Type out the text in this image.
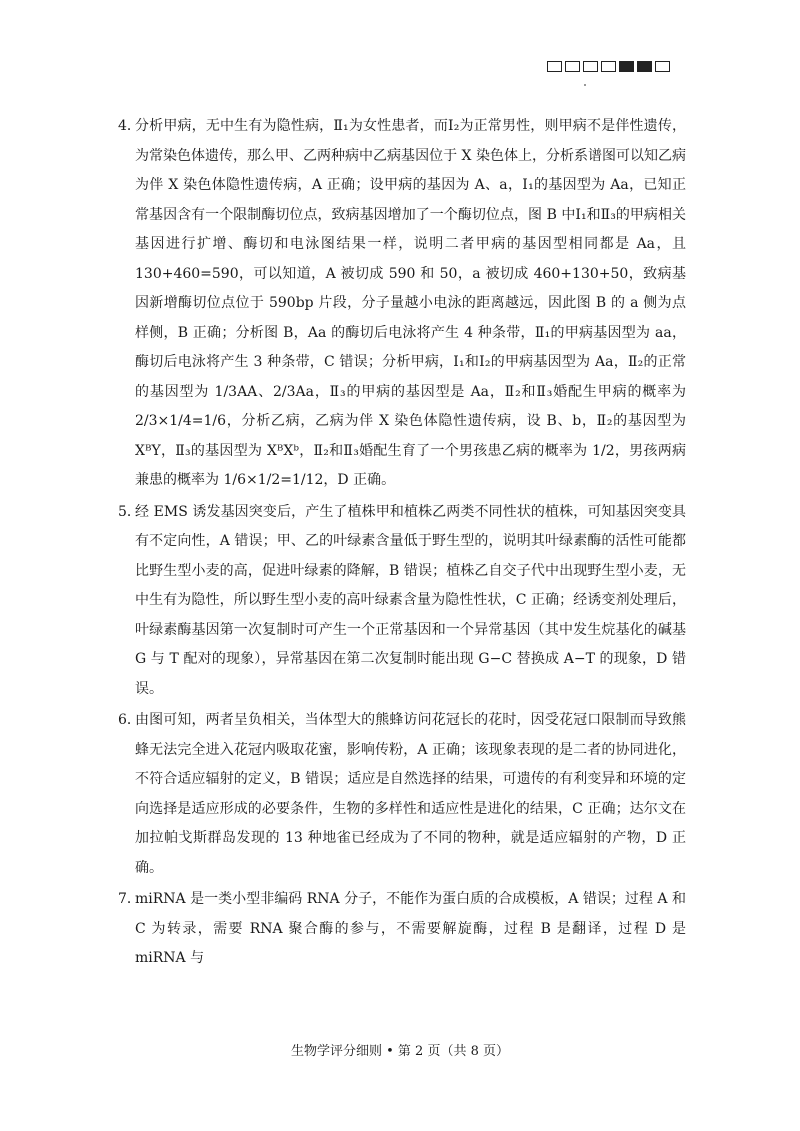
4．

分析甲病，无中生有为隐性病，Ⅱ₁为女性患者，而Ⅰ₂为正常男性，则甲病不是伴性遗传，为常染色体遗传，那么甲、乙两种病中乙病基因位于 X 染色体上，分析系谱图可以知乙病为伴 X 染色体隐性遗传病，A 正确；设甲病的基因为 A、a，Ⅰ₁的基因型为 Aa，已知正常基因含有一个限制酶切位点，致病基因增加了一个酶切位点，图 B 中Ⅰ₁和Ⅱ₃的甲病相关基因进行扩增、酶切和电泳图结果一样，说明二者甲病的基因型相同都是 Aa，且 130+460=590，可以知道，A 被切成 590 和 50，a 被切成 460+130+50，致病基因新增酶切位点位于 590bp 片段，分子量越小电泳的距离越远，因此图 B 的 a 侧为点样侧，B 正确；分析图 B，Aa 的酶切后电泳将产生 4 种条带，Ⅱ₁的甲病基因型为 aa，酶切后电泳将产生 3 种条带，C 错误；分析甲病，Ⅰ₁和Ⅰ₂的甲病基因型为 Aa，Ⅱ₂的正常的基因型为 1/3AA、2/3Aa，Ⅱ₃的甲病的基因型是 Aa，Ⅱ₂和Ⅱ₃婚配生甲病的概率为 2/3×1/4=1/6，分析乙病，乙病为伴 X 染色体隐性遗传病，设 B、b，Ⅱ₂的基因型为 XᴮY，Ⅱ₃的基因型为 XᴮXᵇ，Ⅱ₂和Ⅱ₃婚配生育了一个男孩患乙病的概率为 1/2，男孩两病兼患的概率为 1/6×1/2=1/12，D 正确。

5．

经 EMS 诱发基因突变后，产生了植株甲和植株乙两类不同性状的植株，可知基因突变具有不定向性，A 错误；甲、乙的叶绿素含量低于野生型的，说明其叶绿素酶的活性可能都比野生型小麦的高，促进叶绿素的降解，B 错误；植株乙自交子代中出现野生型小麦，无中生有为隐性，所以野生型小麦的高叶绿素含量为隐性性状，C 正确；经诱变剂处理后，叶绿素酶基因第一次复制时可产生一个正常基因和一个异常基因（其中发生烷基化的碱基 G 与 T 配对的现象），异常基因在第二次复制时能出现 G−C 替换成 A−T 的现象，D 错误。

6．

由图可知，两者呈负相关，当体型大的熊蜂访问花冠长的花时，因受花冠口限制而导致熊蜂无法完全进入花冠内吸取花蜜，影响传粉，A 正确；该现象表现的是二者的协同进化，不符合适应辐射的定义，B 错误；适应是自然选择的结果，可遗传的有利变异和环境的定向选择是适应形成的必要条件，生物的多样性和适应性是进化的结果，C 正确；达尔文在加拉帕戈斯群岛发现的 13 种地雀已经成为了不同的物种，就是适应辐射的产物，D 正确。

7．

miRNA 是一类小型非编码 RNA 分子，不能作为蛋白质的合成模板，A 错误；过程 A 和 C 为转录，需要 RNA 聚合酶的参与，不需要解旋酶，过程 B 是翻译，过程 D 是 miRNA 与

生物学评分细则 • 第 2 页（共 8 页）
